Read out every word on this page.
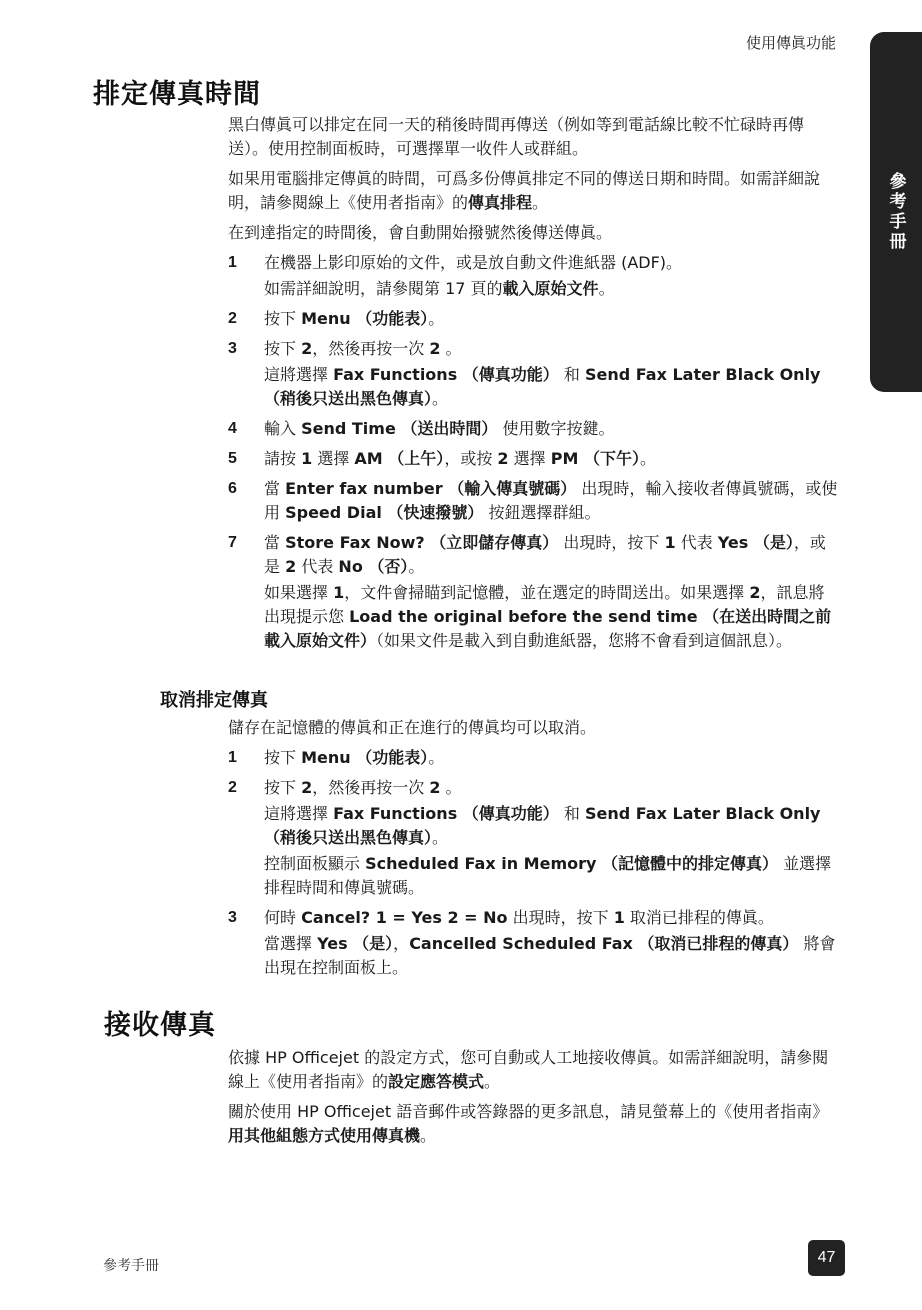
使用傳眞功能
參考手冊
排定傳真時間

黑白傳眞可以排定在同一天的稍後時間再傳送（例如等到電話線比較不忙碌時再傳送）。使用控制面板時，可選擇單一收件人或群組。

如果用電腦排定傳眞的時間，可爲多份傳眞排定不同的傳送日期和時間。如需詳細說明，請參閱線上《使用者指南》的傳真排程。

在到達指定的時間後，會自動開始撥號然後傳送傳眞。

1	在機器上影印原始的文件，或是放自動文件進紙器 (ADF)。
如需詳細說明，請參閱第 17 頁的載入原始文件。
2	按下 Menu （功能表）。
3	按下 2，然後再按一次 2 。
這將選擇 Fax Functions （傳真功能） 和 Send Fax Later Black Only （稍後只送出黑色傳真）。
4	輸入 Send Time （送出時間） 使用數字按鍵。
5	請按 1 選擇 AM （上午），或按 2 選擇 PM （下午）。
6	當 Enter fax number （輸入傳真號碼） 出現時，輸入接收者傳眞號碼，或使用 Speed Dial （快速撥號） 按鈕選擇群組。
7	當 Store Fax Now? （立即儲存傳真） 出現時，按下 1 代表 Yes （是），或是 2 代表 No （否）。
如果選擇 1，文件會掃瞄到記憶體，並在選定的時間送出。如果選擇 2，訊息將出現提示您 Load the original before the send time （在送出時間之前載入原始文件）（如果文件是載入到自動進紙器，您將不會看到這個訊息）。
取消排定傳真

儲存在記憶體的傳眞和正在進行的傳眞均可以取消。

1	按下 Menu （功能表）。
2	按下 2，然後再按一次 2 。
這將選擇 Fax Functions （傳真功能） 和 Send Fax Later Black Only （稍後只送出黑色傳真）。
控制面板顯示 Scheduled Fax in Memory （記憶體中的排定傳真） 並選擇排程時間和傳眞號碼。
3	何時 Cancel? 1 = Yes 2 = No 出現時，按下 1 取消已排程的傳眞。
當選擇 Yes （是），Cancelled Scheduled Fax （取消已排程的傳真） 將會出現在控制面板上。
接收傳真

依據 HP Officejet 的設定方式，您可自動或人工地接收傳眞。如需詳細說明，請參閱線上《使用者指南》的設定應答模式。

關於使用 HP Officejet 語音郵件或答錄器的更多訊息，請見螢幕上的《使用者指南》用其他組態方式使用傳真機。

參考手冊	47
